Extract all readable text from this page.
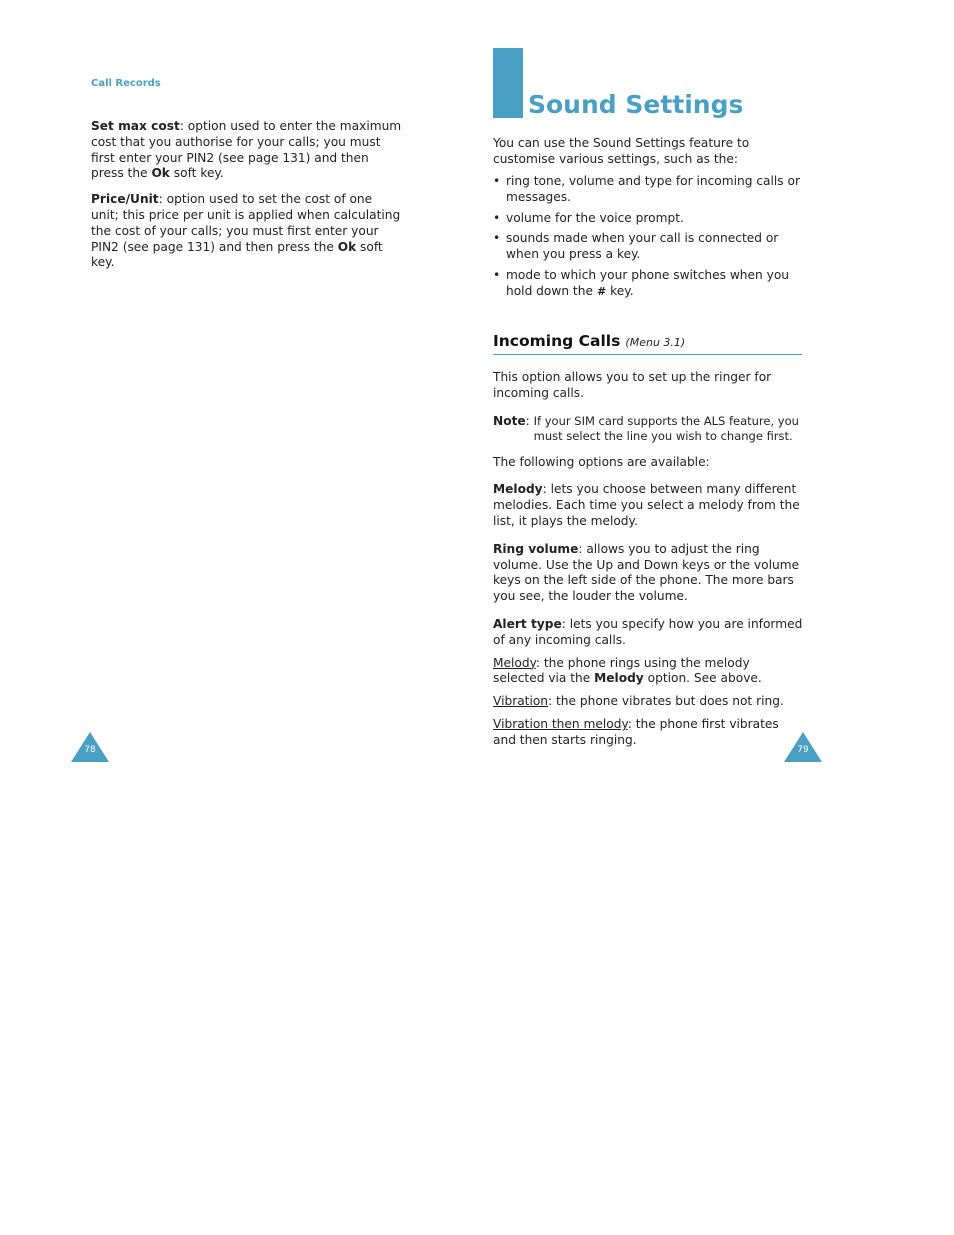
Call Records

Set max cost: option used to enter the maximum cost that you authorise for your calls; you must first enter your PIN2 (see page 131) and then press the Ok soft key.

Price/Unit: option used to set the cost of one unit; this price per unit is applied when calculating the cost of your calls; you must first enter your PIN2 (see page 131) and then press the Ok soft key.

78
Sound Settings

You can use the Sound Settings feature to customise various settings, such as the:

• ring tone, volume and type for incoming calls or messages.
• volume for the voice prompt.
• sounds made when your call is connected or when you press a key.
• mode to which your phone switches when you hold down the # key.
Incoming Calls (Menu 3.1)

This option allows you to set up the ringer for incoming calls.

Note : If your SIM card supports the ALS feature, you must select the line you wish to change first.

The following options are available:

Melody: lets you choose between many different melodies. Each time you select a melody from the list, it plays the melody.

Ring volume: allows you to adjust the ring volume. Use the Up and Down keys or the volume keys on the left side of the phone. The more bars you see, the louder the volume.

Alert type: lets you specify how you are informed of any incoming calls.

Melody: the phone rings using the melody selected via the Melody option. See above.

Vibration: the phone vibrates but does not ring.

Vibration then melody: the phone first vibrates and then starts ringing.

79
